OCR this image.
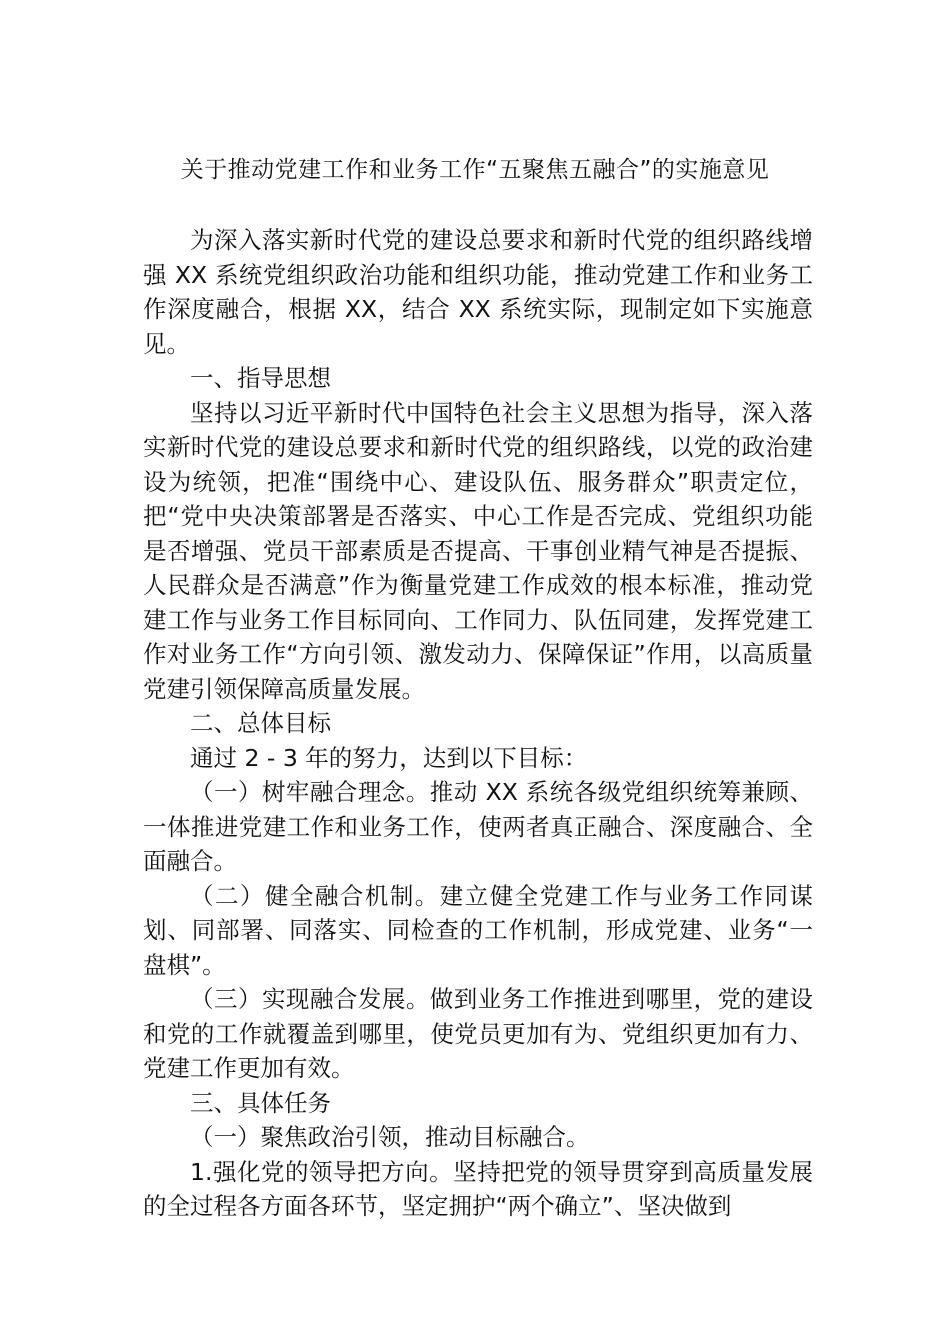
关于推动党建工作和业务工作“五聚焦五融合”的实施意见

为深入落实新时代党的建设总要求和新时代党的组织路线增强 XX 系统党组织政治功能和组织功能，推动党建工作和业务工作深度融合，根据 XX，结合 XX 系统实际，现制定如下实施意见。

一、指导思想

坚持以习近平新时代中国特色社会主义思想为指导，深入落实新时代党的建设总要求和新时代党的组织路线，以党的政治建设为统领，把准“围绕中心、建设队伍、服务群众”职责定位，把“党中央决策部署是否落实、中心工作是否完成、党组织功能是否增强、党员干部素质是否提高、干事创业精气神是否提振、人民群众是否满意”作为衡量党建工作成效的根本标准，推动党建工作与业务工作目标同向、工作同力、队伍同建，发挥党建工作对业务工作“方向引领、激发动力、保障保证”作用，以高质量党建引领保障高质量发展。

二、总体目标

通过 2 - 3 年的努力，达到以下目标：

（一）树牢融合理念。推动 XX 系统各级党组织统筹兼顾、一体推进党建工作和业务工作，使两者真正融合、深度融合、全面融合。

（二）健全融合机制。建立健全党建工作与业务工作同谋划、同部署、同落实、同检查的工作机制，形成党建、业务“一盘棋”。

（三）实现融合发展。做到业务工作推进到哪里，党的建设和党的工作就覆盖到哪里，使党员更加有为、党组织更加有力、党建工作更加有效。

三、具体任务

（一）聚焦政治引领，推动目标融合。

1.强化党的领导把方向。坚持把党的领导贯穿到高质量发展的全过程各方面各环节，坚定拥护“两个确立”、坚决做到
